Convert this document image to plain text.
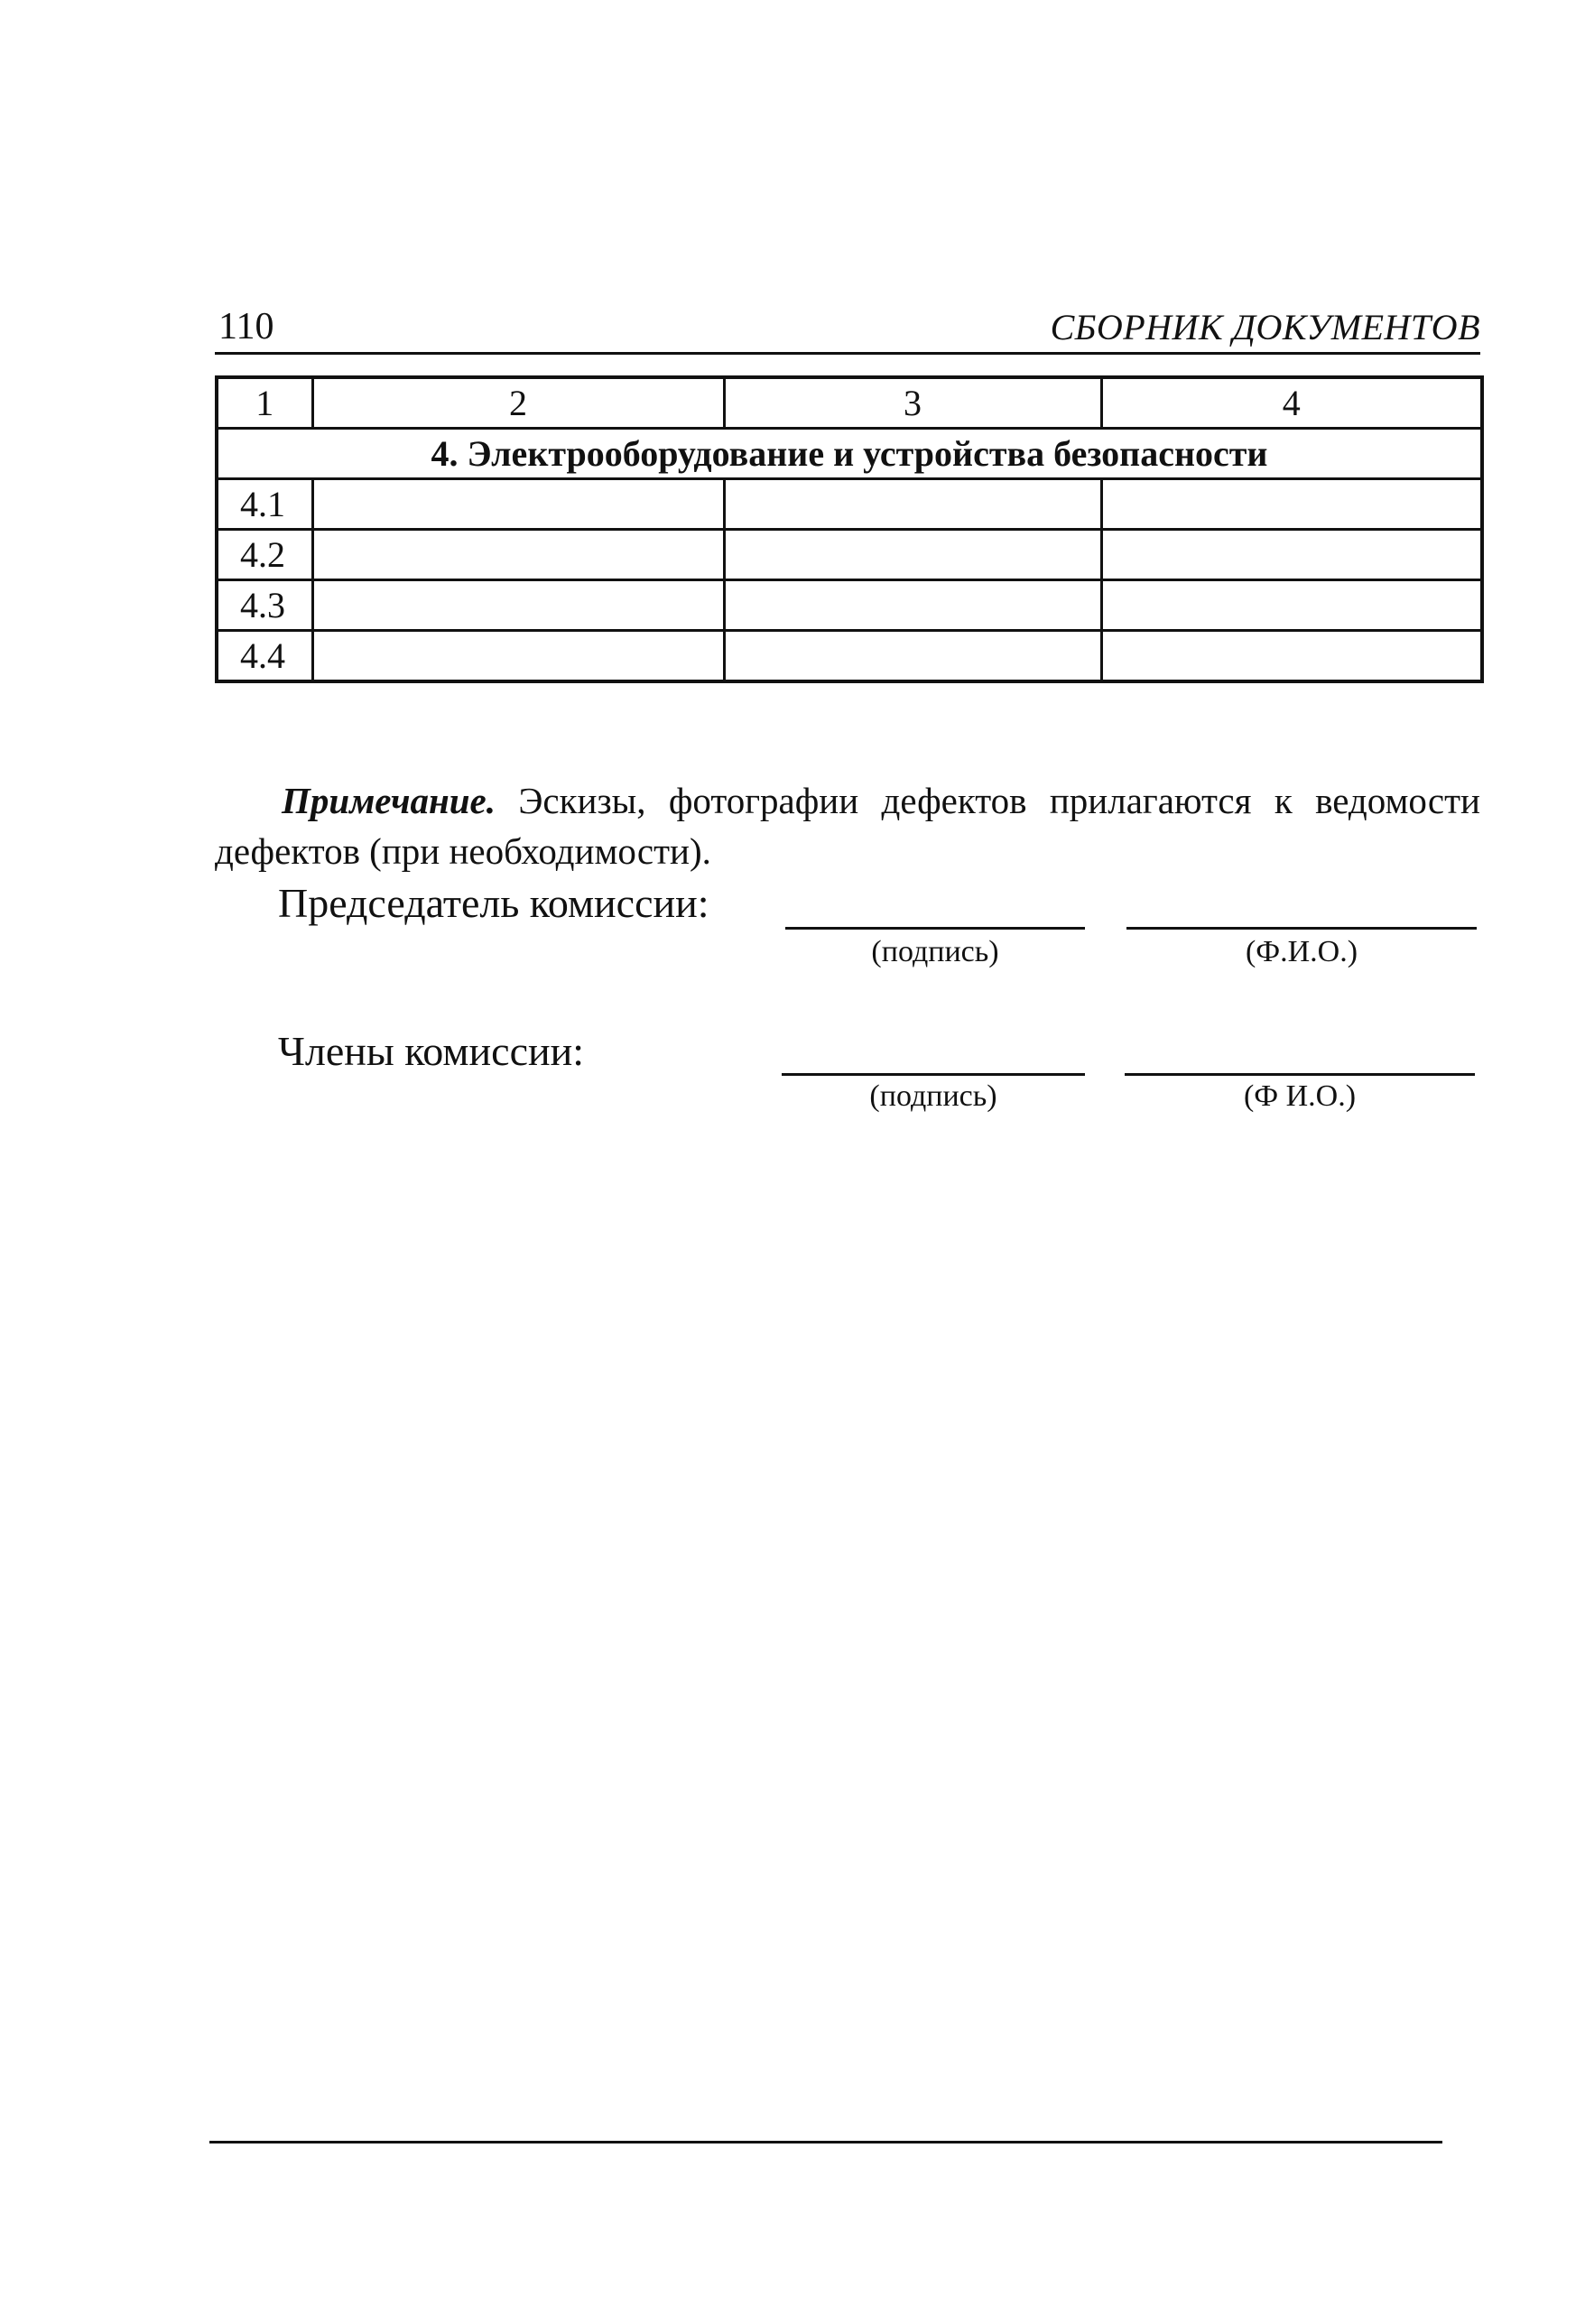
110	СБОРНИК ДОКУМЕНТОВ
1	2	3	4
4. Электрооборудование и устройства безопасности			
4.1			
4.2			
4.3			
4.4			

Примечание. Эскизы, фотографии дефектов прилагаются к ведомости дефектов (при необходимости).

Председатель комиссии:
(подпись)	(Ф.И.О.)
Члены комиссии:
(подпись)	(Ф И.О.)
